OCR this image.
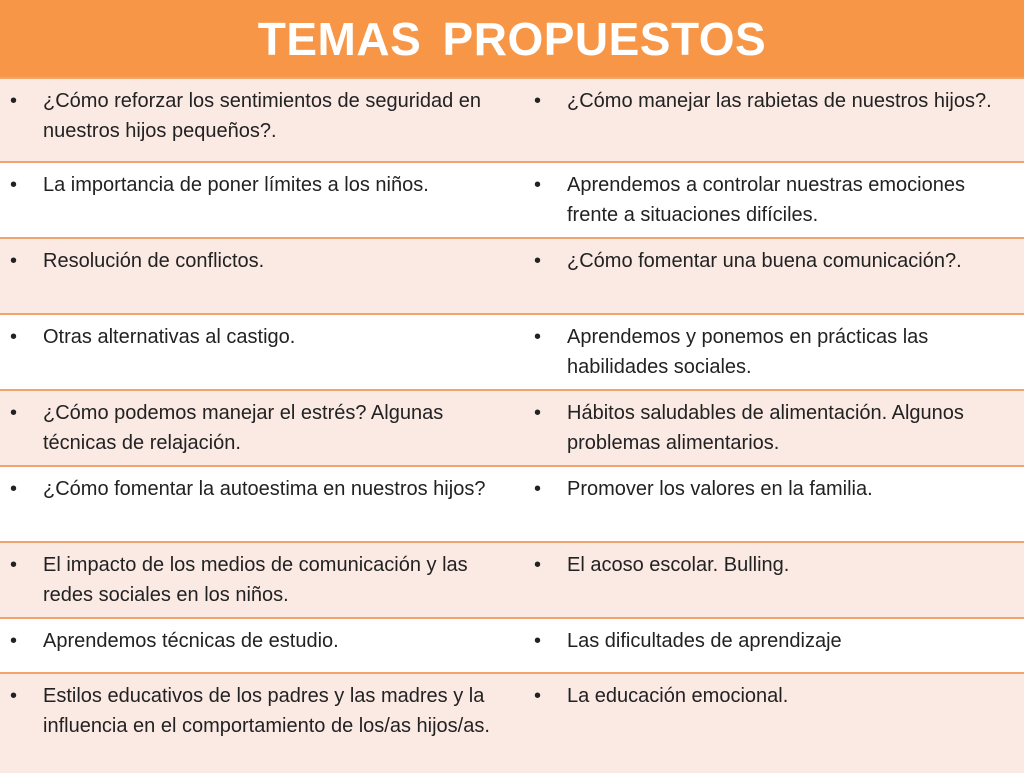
TEMAS PROPUESTOS
• ¿Cómo reforzar los sentimientos de seguridad en nuestros hijos pequeños?.	• ¿Cómo manejar las rabietas de nuestros hijos?.

• La importancia de poner límites a los niños.	• Aprendemos a controlar nuestras emociones frente a situaciones difíciles.

• Resolución de conflictos.	• ¿Cómo fomentar una buena comunicación?.

• Otras alternativas al castigo.	• Aprendemos y ponemos en prácticas las habilidades sociales.

• ¿Cómo podemos manejar el estrés? Algunas técnicas de relajación.	• Hábitos saludables de alimentación. Algunos problemas alimentarios.

• ¿Cómo fomentar la autoestima en nuestros hijos?	• Promover los valores en la familia.

• El impacto de los medios de comunicación y las redes sociales en los niños.	• El acoso escolar. Bulling.

• Aprendemos técnicas de estudio.	• Las dificultades de aprendizaje

• Estilos educativos de los padres y las madres y la influencia en el comportamiento de los/as hijos/as.	• La educación emocional.
